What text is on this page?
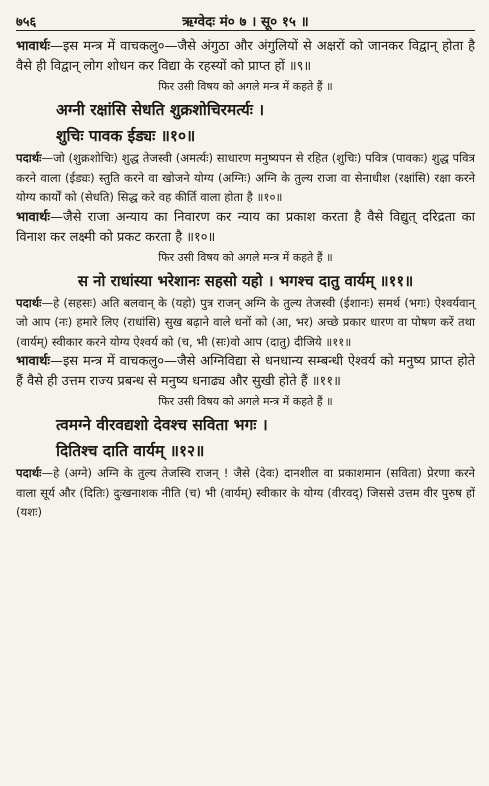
७५६	ऋग्वेदः मं० ७ । सू० १५ ॥

भावार्थः—इस मन्त्र में वाचकलु०—जैसे अंगुठा और अंगुलियों से अक्षरों को जानकर विद्वान् होता है वैसे ही विद्वान् लोग शोधन कर विद्या के रहस्यों को प्राप्त हों ॥९॥

फिर उसी विषय को अगले मन्त्र में कहते हैं ॥

अग्नी रक्षांसि सेधति शुक्रशोचिरमर्त्यः ।

शुचिः पावक ईड्यः ॥१०॥

पदार्थः—जो (शुक्रशोचिः) शुद्ध तेजस्वी (अमर्त्यः) साधारण मनुष्यपन से रहित (शुचिः) पवित्र (पावकः) शुद्ध पवित्र करने वाला (ईड्यः) स्तुति करने वा खोजने योग्य (अग्निः) अग्नि के तुल्य राजा वा सेनाधीश (रक्षांसि) रक्षा करने योग्य कार्यों को (सेधति) सिद्ध करे वह कीर्ति वाला होता है ॥१०॥

भावार्थः—जैसे राजा अन्याय का निवारण कर न्याय का प्रकाश करता है वैसे विद्युत् दरिद्रता का विनाश कर लक्ष्मी को प्रकट करता है ॥१०॥

फिर उसी विषय को अगले मन्त्र में कहते हैं ॥

स नो राधांस्या भरेशानः सहसो यहो । भगश्च दातु वार्यम् ॥११॥

पदार्थः—हे (सहसः) अति बलवान् के (यहो) पुत्र राजन् अग्नि के तुल्य तेजस्वी (ईशानः) समर्थ (भगः) ऐश्वर्यवान् जो आप (नः) हमारे लिए (राधांसि) सुख बढ़ाने वाले धनों को (आ, भर) अच्छे प्रकार धारण वा पोषण करें तथा (वार्यम्) स्वीकार करने योग्य ऐश्वर्य को (च, भी (सः)वो आप (दातु) दीजिये ॥११॥

भावार्थः—इस मन्त्र में वाचकलु०—जैसे अग्निविद्या से धनधान्य सम्बन्धी ऐश्वर्य को मनुष्य प्राप्त होते हैं वैसे ही उत्तम राज्य प्रबन्ध से मनुष्य धनाढ्य और सुखी होते हैं ॥११॥

फिर उसी विषय को अगले मन्त्र में कहते हैं ॥

त्वमग्ने वीरवद्यशो देवश्च सविता भगः ।

दितिश्च दाति वार्यम् ॥१२॥

पदार्थः—हे (अग्ने) अग्नि के तुल्य तेजस्वि राजन् ! जैसे (देवः) दानशील वा प्रकाशमान (सविता) प्रेरणा करने वाला सूर्य और (दितिः) दुःखनाशक नीति (च) भी (वार्यम्) स्वीकार के योग्य (वीरवद्) जिससे उत्तम वीर पुरुष हों (यशः)
